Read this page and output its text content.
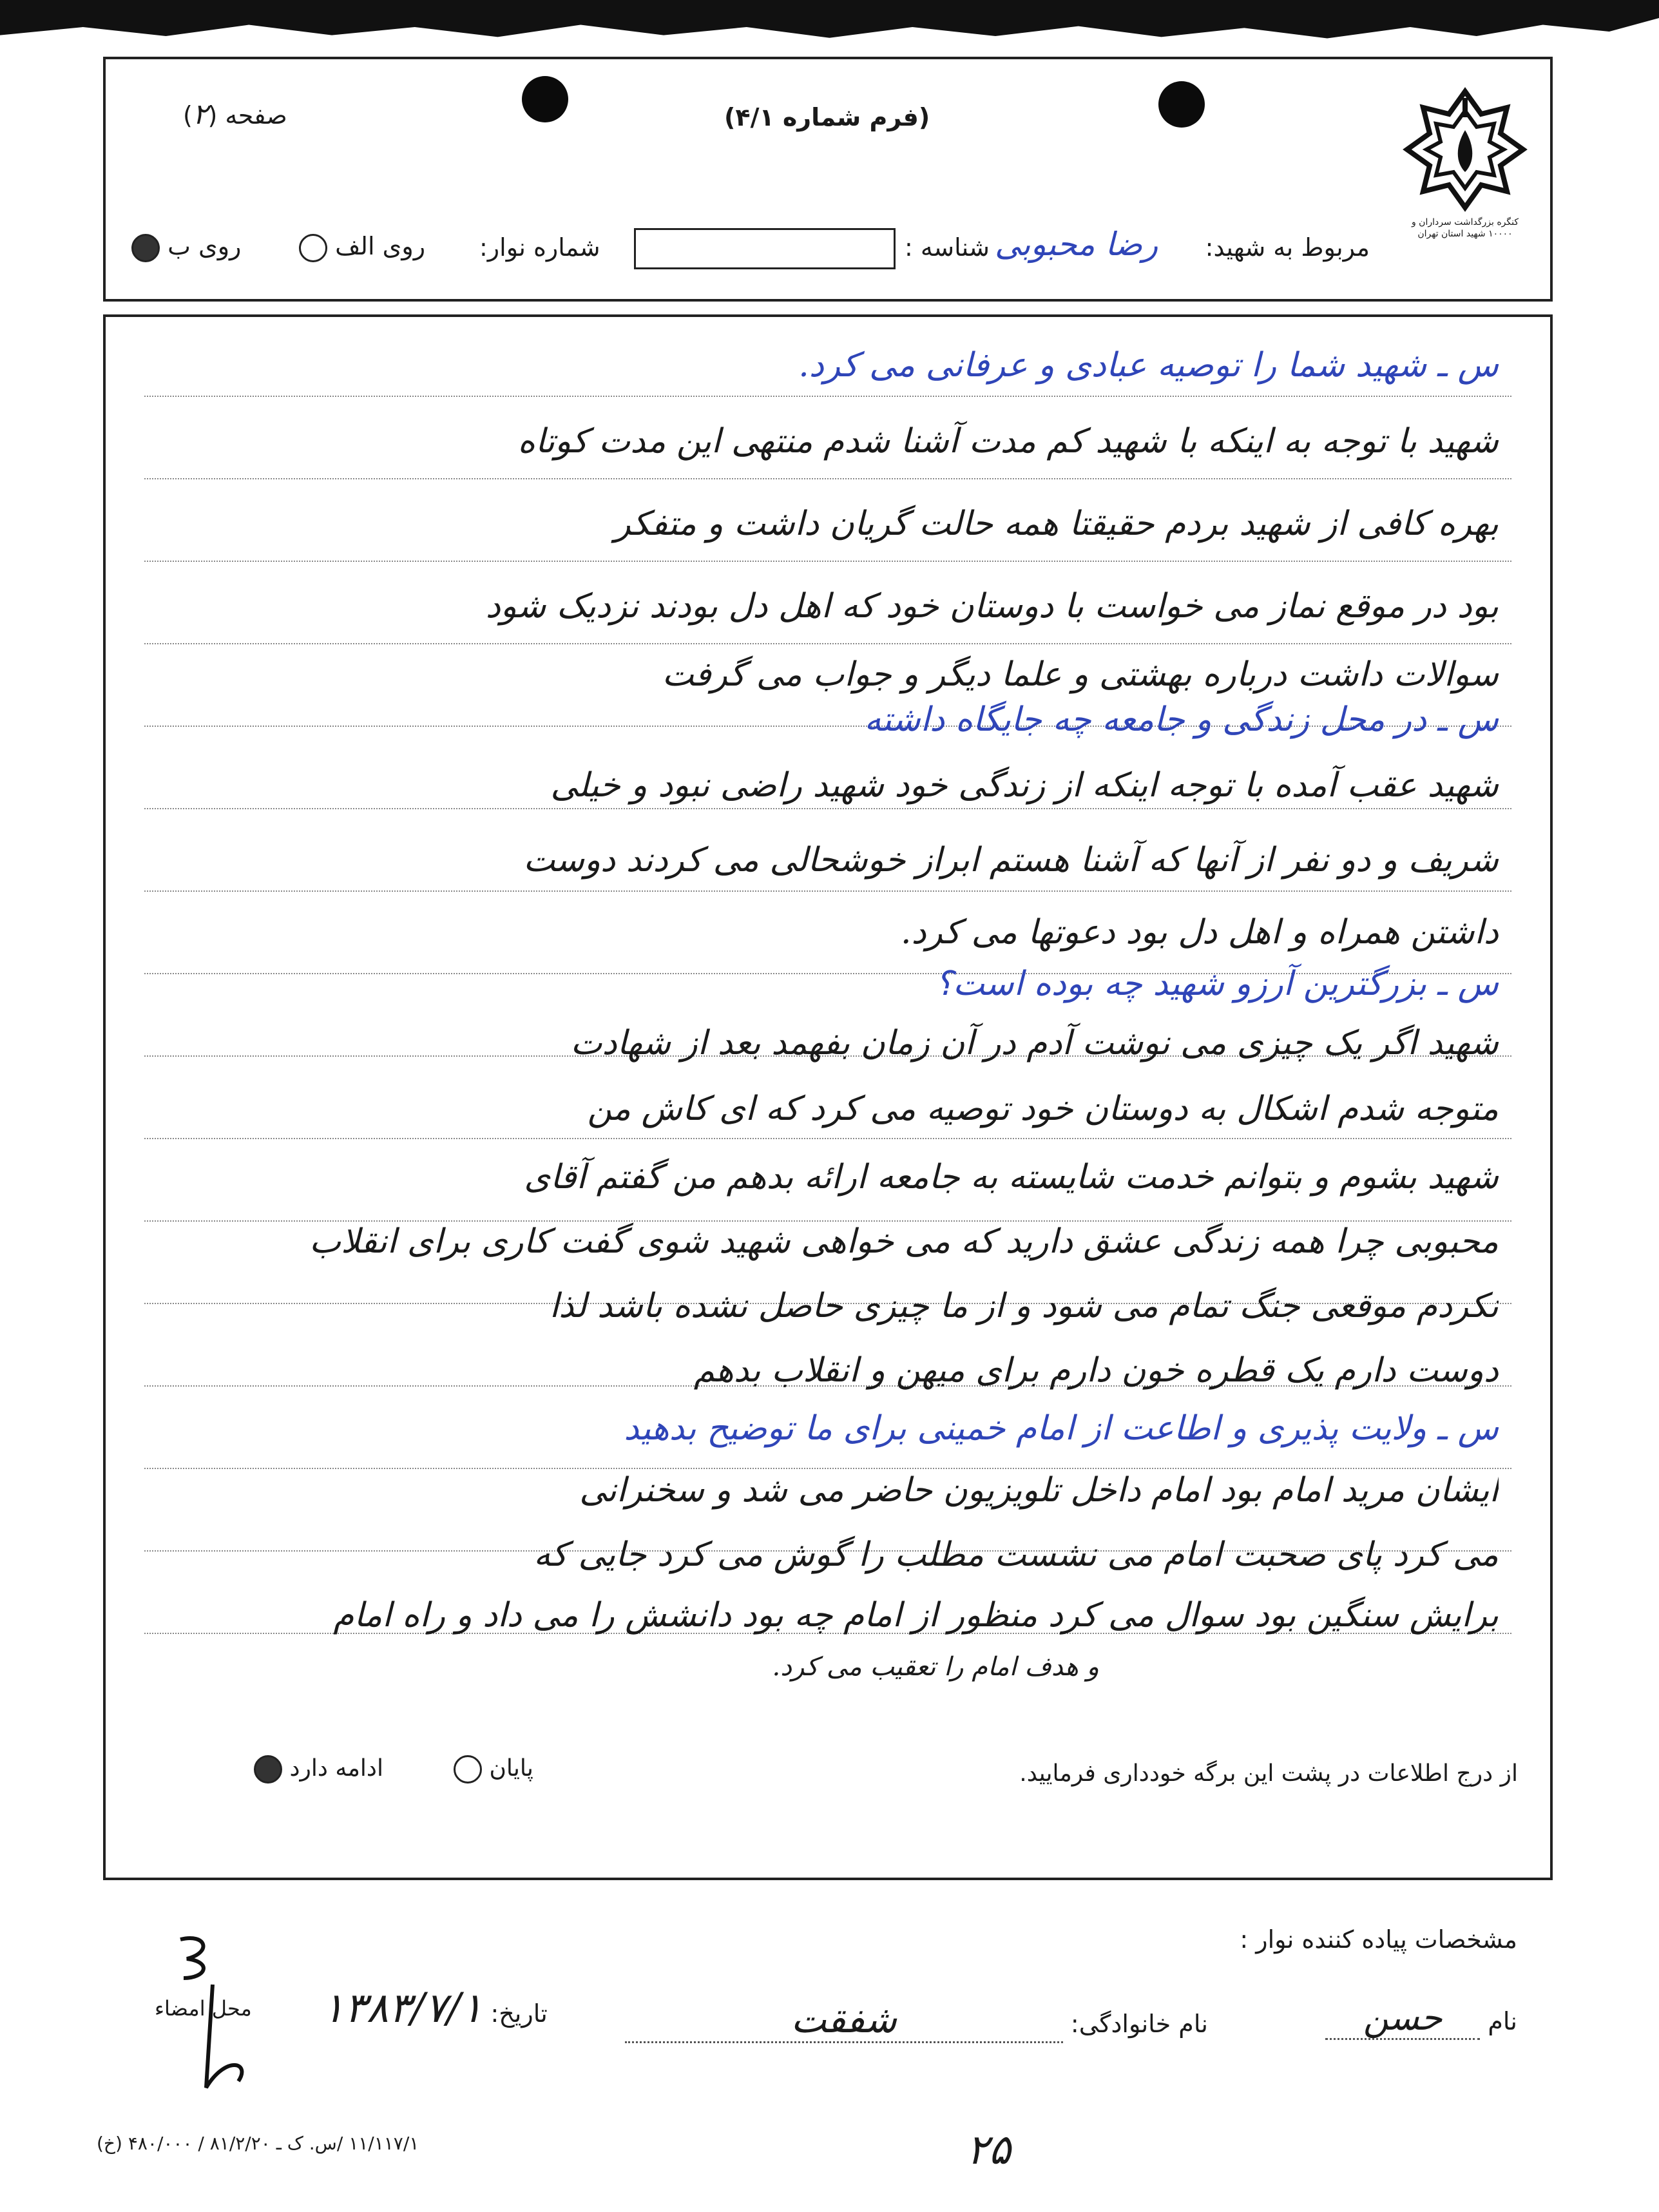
صفحه (۲)	(فرم شماره ۴/۱)
کنگره بزرگداشت سرداران و ۱۰۰۰۰ شهید استان تهران
مربوط به شهید:
رضا محبوبی
شناسه :
شماره نوار:
روی الف
روی ب
س ـ شهید شما را توصیه عبادی و عرفانی می کرد.
شهید با توجه به اینکه با شهید کم مدت آشنا شدم منتهی این مدت کوتاه
بهره کافی از شهید بردم حقیقتا همه حالت گریان داشت و متفکر
بود در موقع نماز می خواست با دوستان خود که اهل دل بودند نزدیک شود
سوالات داشت درباره بهشتی و علما دیگر و جواب می گرفت
س ـ در محل زندگی و جامعه چه جایگاه داشته
شهید عقب آمده با توجه اینکه از زندگی خود شهید راضی نبود و خیلی
شریف و دو نفر از آنها که آشنا هستم ابراز خوشحالی می کردند دوست
داشتن همراه و اهل دل بود دعوتها می کرد.
س ـ بزرگترین آرزو شهید چه بوده است؟
شهید اگر یک چیزی می نوشت آدم در آن زمان بفهمد بعد از شهادت
متوجه شدم اشکال به دوستان خود توصیه می کرد که ای کاش من
شهید بشوم و بتوانم خدمت شایسته به جامعه ارائه بدهم من گفتم آقای
محبوبی چرا همه زندگی عشق دارید که می خواهی شهید شوی گفت کاری برای انقلاب
نکردم موقعی جنگ تمام می شود و از ما چیزی حاصل نشده باشد لذا
دوست دارم یک قطره خون دارم برای میهن و انقلاب بدهم
س ـ ولایت پذیری و اطاعت از امام خمینی برای ما توضیح بدهید
ایشان مرید امام بود امام داخل تلویزیون حاضر می شد و سخنرانی
می کرد پای صحبت امام می نشست مطلب را گوش می کرد جایی که
برایش سنگین بود سوال می کرد منظور از امام چه بود دانشش را می داد و راه امام
و هدف امام را تعقیب می کرد.
از درج اطلاعات در پشت این برگه خودداری فرمایید.
پایان
ادامه دارد
مشخصات پیاده کننده نوار :
نام حسن
نام خانوادگی: شفقت
تاریخ: ۱۳۸۳/۷/۱
محل امضاء
۱۱/۱۱۷/۱ /س. ک ـ ۸۱/۲/۲۰ / ۴۸۰/۰۰۰ (خ)	۲۵
